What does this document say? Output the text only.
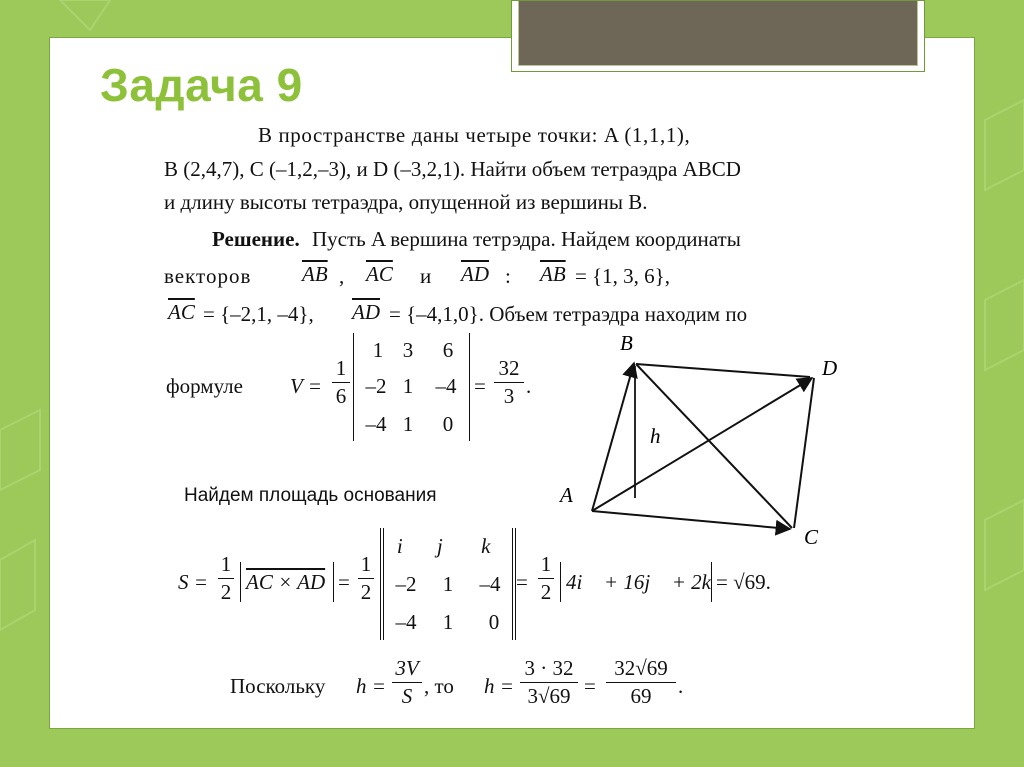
Задача 9
В пространстве даны четыре точки: A (1,1,1),
B (2,4,7), C (–1,2,–3), и D (–3,2,1). Найти объем тетраэдра ABCD
и длину высоты тетраэдра, опущенной из вершины B.
Решение. Пусть A вершина тетрэдра. Найдем координаты
векторов $\overline{AB}$ , $\overline{AC}$ и $\overline{AD}$ : $\overline{AB} = \{1$, 3, 6},
$\overline{AC} = \{-2,1$, –4}, $\overline{AD} = \{-4,1,0\}$. Объем тетраэдра находим по
формуле V =
1
6
1 3	6
–2 1	–4
–4 1	0
=
32
3 .
B
D
A
C
h
Найдем площадь основания
S =
1
2 AC × AD =
1
2
i⃗ j⃗	k⃗
–2	1	–4
–4	1	0
=
1
2 4i⃗ + 16j⃗ + 2k⃗
= √69.
Поскольку h =
3V
S , то h =
3 · 32
3√69 =
32√69
69	.
